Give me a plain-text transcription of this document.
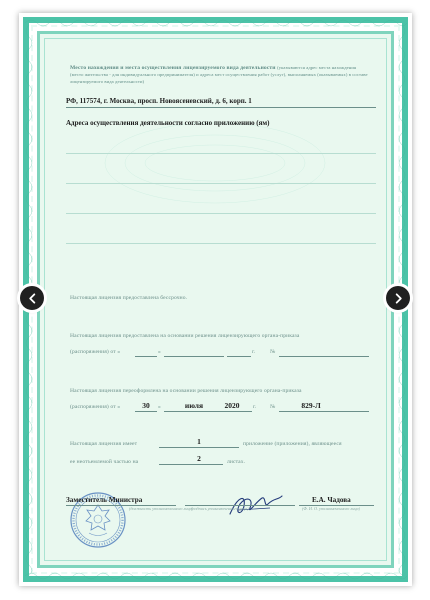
Место нахождения и места осуществления лицензируемого вида деятельности (указываются адрес места нахождения (место жительства - для индивидуального предпринимателя) и адреса мест осуществления работ (услуг), выполняемых (оказываемых) в составе лицензируемого вида деятельности)
РФ, 117574, г. Москва, просп. Новоясеневский, д. 6, корп. 1
Адреса осуществления деятельности согласно приложению (ям)
Настоящая лицензия предоставлена бессрочно.
Настоящая лицензия предоставлена на основании решения лицензирующего органа-приказа
(распоряжения) от «	»	г.	№
Настоящая лицензия переоформлена на основании решения лицензирующего органа-приказа
(распоряжения) от «	30	»	июля	2020	г. №	829-Л
Настоящая лицензия имеет	1	приложение (приложения), являющееся
ее неотъемлемой частью на	2	листах.
Заместитель Министра
(должность уполномоченного лица)
(подпись уполномоченного лица)
Е.А. Чадова
(Ф. И. О. уполномоченного лица)
